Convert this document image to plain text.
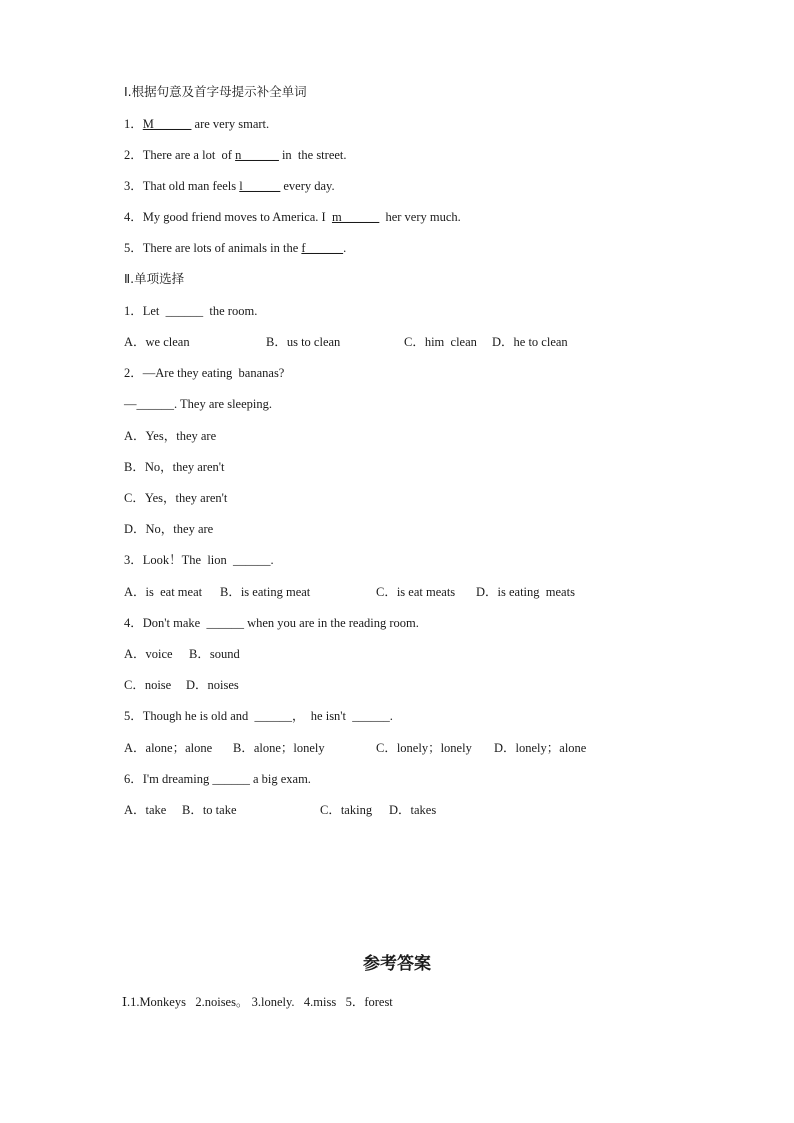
Ⅰ.根据句意及首字母提示补全单词
1．M______ are very smart.
2．There are a lot  of n______ in  the street.
3．That old man feels l______ every day.
4．My good friend moves to America. I  m______  her very much.
5．There are lots of animals in the f______.
Ⅱ.单项选择
1．Let  ______  the room.
A．we clean	B．us to clean	C．him  clean D．he to clean
2．—Are they eating  bananas?
—______. They are sleeping.
A．Yes，they are
B．No，they aren't
C．Yes，they aren't
D．No，they are
3．Look！The  lion  ______.
A．is  eat meat B．is eating meat	C．is eat meats D．is eating  meats
4．Don't make  ______ when you are in the reading room.
A．voice B．sound
C．noise D．noises
5．Though he is old and  ______，  he isn't  ______.
A．alone；alone B．alone；lonely	C．lonely；lonely D．lonely；alone
6．I'm dreaming ______ a big exam.
A．take B．to take	C．taking D．takes
参考答案
Ⅰ.1.Monkeys   2.noises。 3.lonely.   4.miss   5．forest
